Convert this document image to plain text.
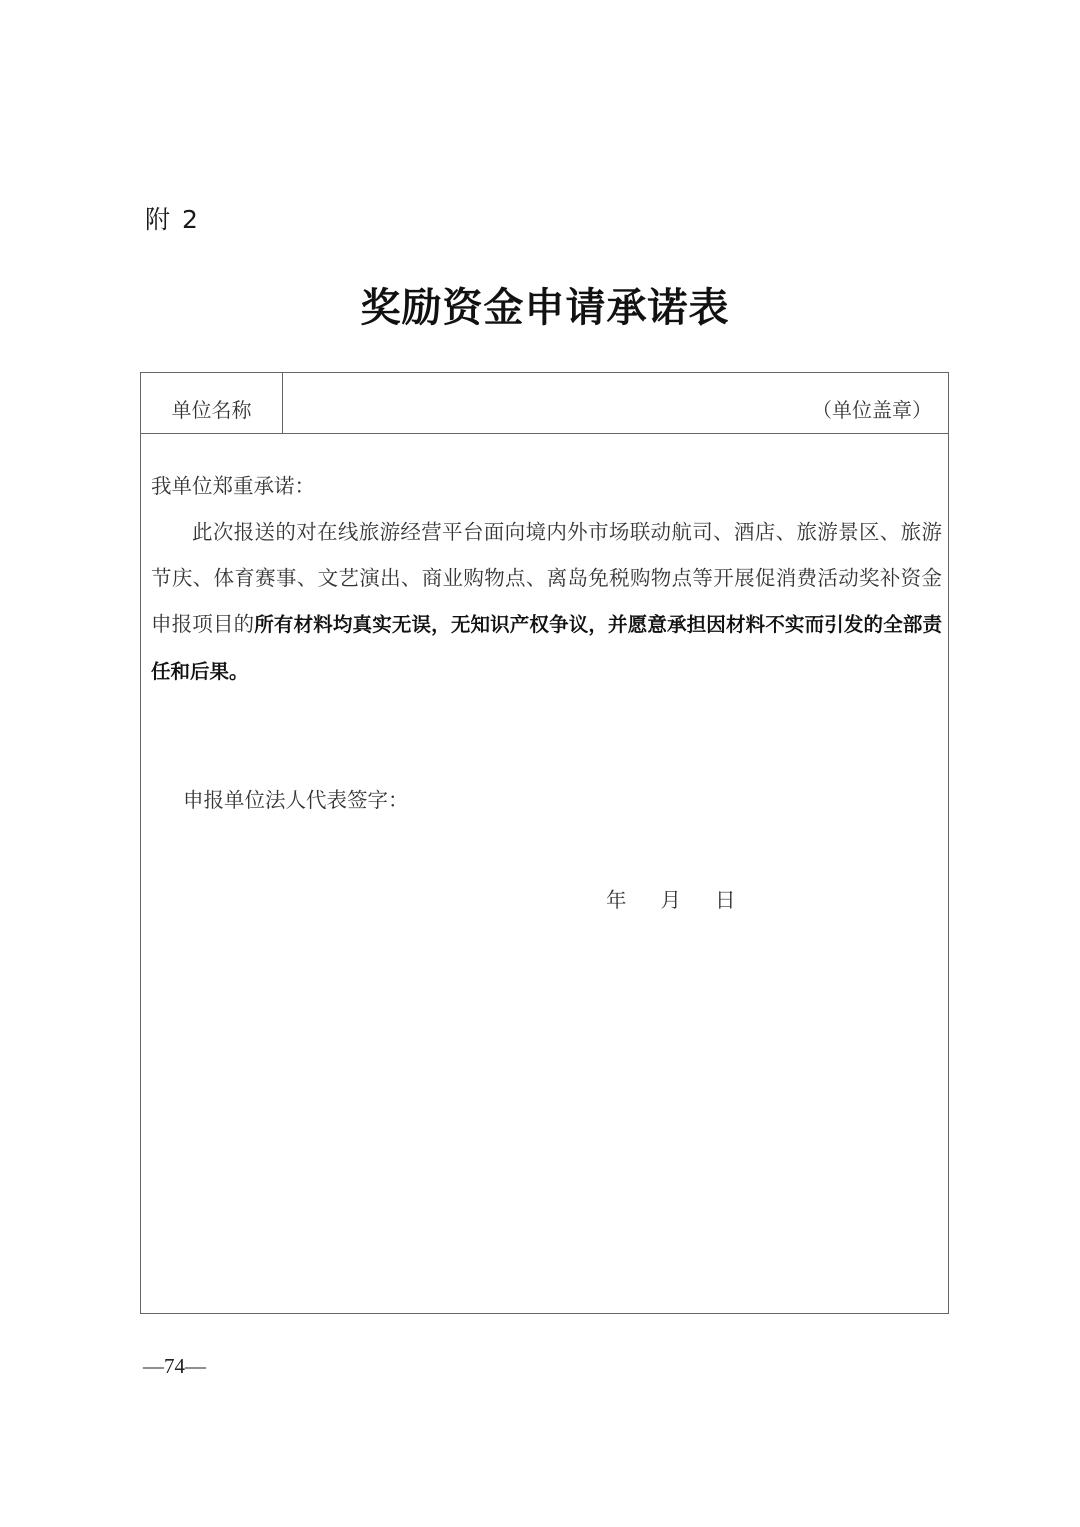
附 2
奖励资金申请承诺表
单位名称	（单位盖章）
我单位郑重承诺：
此次报送的对在线旅游经营平台面向境内外市场联动航司、酒店、旅游景区、旅游节庆、体育赛事、文艺演出、商业购物点、离岛免税购物点等开展促消费活动奖补资金申报项目的所有材料均真实无误，无知识产权争议，并愿意承担因材料不实而引发的全部责任和后果。
申报单位法人代表签字：
年 月 日
—74—
